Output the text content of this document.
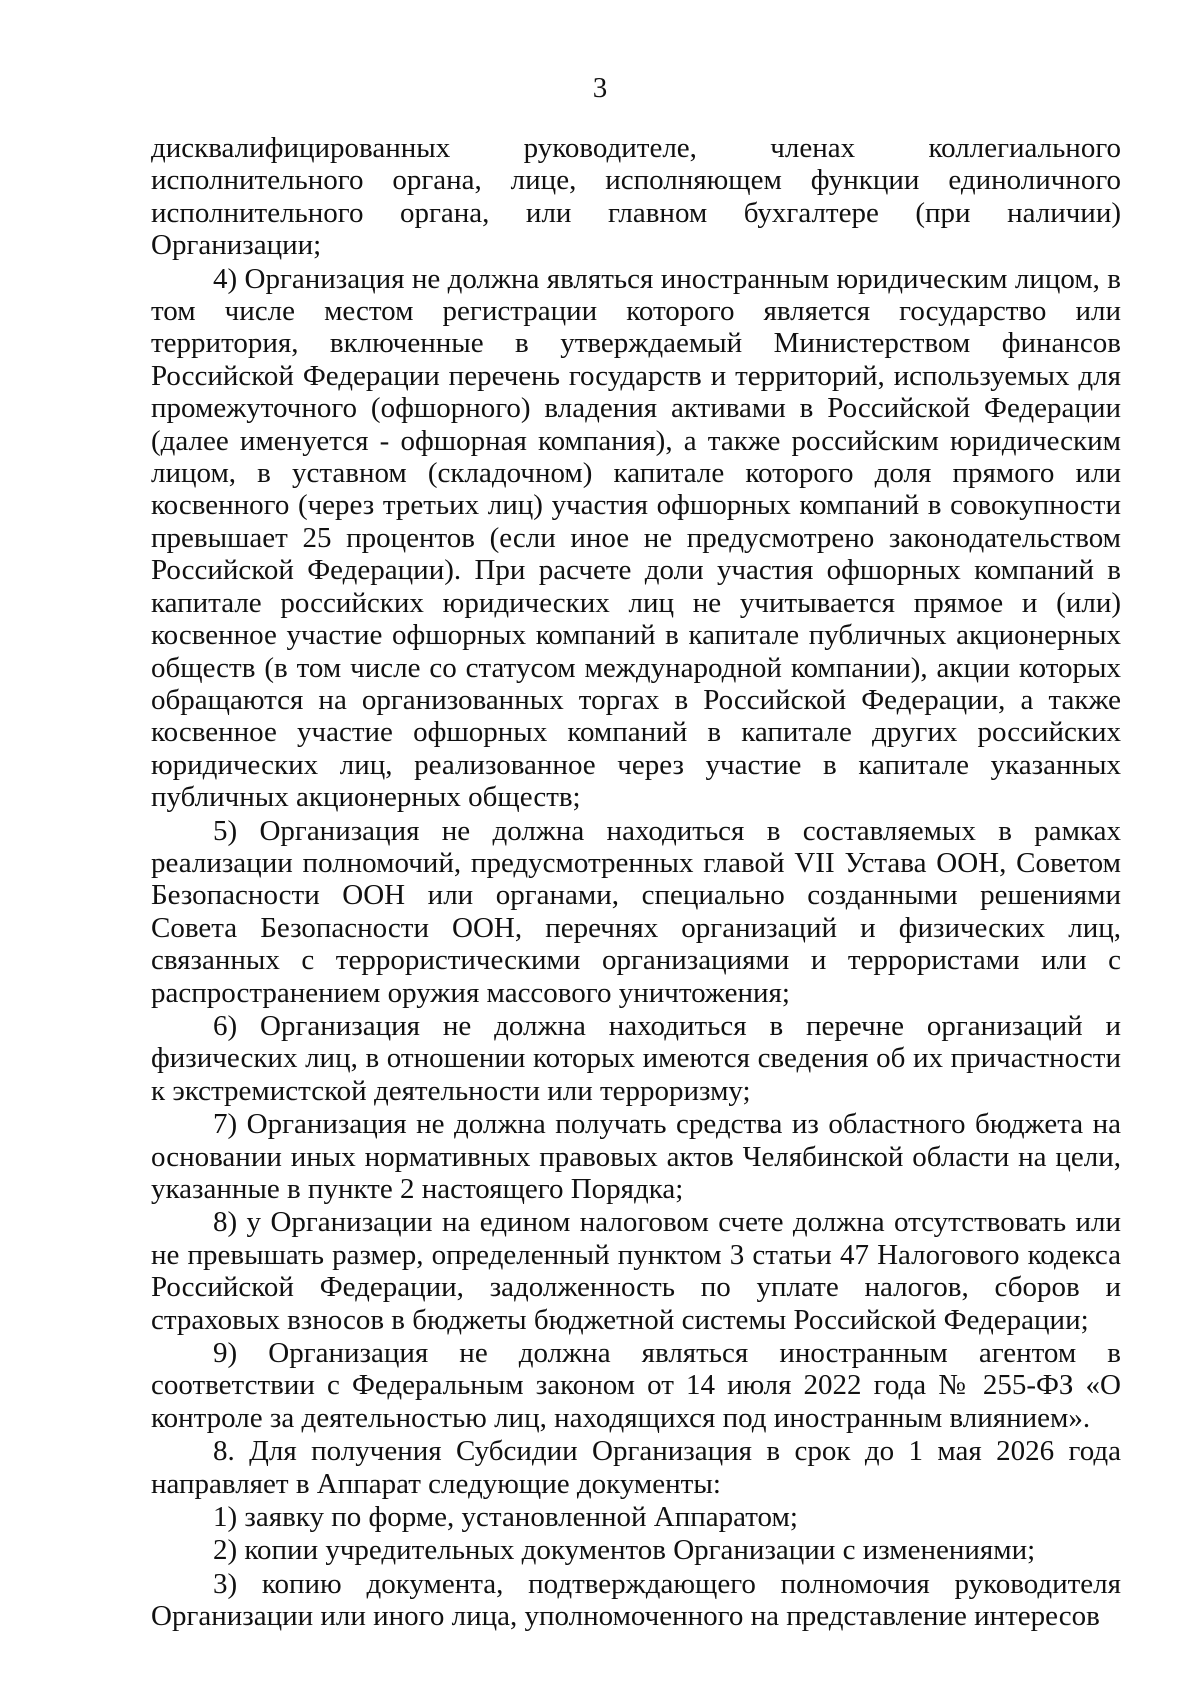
3

дисквалифицированных руководителе, членах коллегиального исполнительного органа, лице, исполняющем функции единоличного исполнительного органа, или главном бухгалтере (при наличии) Организации;

4) Организация не должна являться иностранным юридическим лицом, в том числе местом регистрации которого является государство или территория, включенные в утверждаемый Министерством финансов Российской Федерации перечень государств и территорий, используемых для промежуточного (офшорного) владения активами в Российской Федерации (далее именуется - офшорная компания), а также российским юридическим лицом, в уставном (складочном) капитале которого доля прямого или косвенного (через третьих лиц) участия офшорных компаний в совокупности превышает 25 процентов (если иное не предусмотрено законодательством Российской Федерации). При расчете доли участия офшорных компаний в капитале российских юридических лиц не учитывается прямое и (или) косвенное участие офшорных компаний в капитале публичных акционерных обществ (в том числе со статусом международной компании), акции которых обращаются на организованных торгах в Российской Федерации, а также косвенное участие офшорных компаний в капитале других российских юридических лиц, реализованное через участие в капитале указанных публичных акционерных обществ;

5) Организация не должна находиться в составляемых в рамках реализации полномочий, предусмотренных главой VII Устава ООН, Советом Безопасности ООН или органами, специально созданными решениями Совета Безопасности ООН, перечнях организаций и физических лиц, связанных с террористическими организациями и террористами или с распространением оружия массового уничтожения;

6) Организация не должна находиться в перечне организаций и физических лиц, в отношении которых имеются сведения об их причастности к экстремистской деятельности или терроризму;

7) Организация не должна получать средства из областного бюджета на основании иных нормативных правовых актов Челябинской области на цели, указанные в пункте 2 настоящего Порядка;

8) у Организации на едином налоговом счете должна отсутствовать или не превышать размер, определенный пунктом 3 статьи 47 Налогового кодекса Российской Федерации, задолженность по уплате налогов, сборов и страховых взносов в бюджеты бюджетной системы Российской Федерации;

9) Организация не должна являться иностранным агентом в соответствии с Федеральным законом от 14 июля 2022 года № 255-ФЗ «О контроле за деятельностью лиц, находящихся под иностранным влиянием».

8. Для получения Субсидии Организация в срок до 1 мая 2026 года направляет в Аппарат следующие документы:

1) заявку по форме, установленной Аппаратом;

2) копии учредительных документов Организации с изменениями;

3) копию документа, подтверждающего полномочия руководителя Организации или иного лица, уполномоченного на представление интересов
